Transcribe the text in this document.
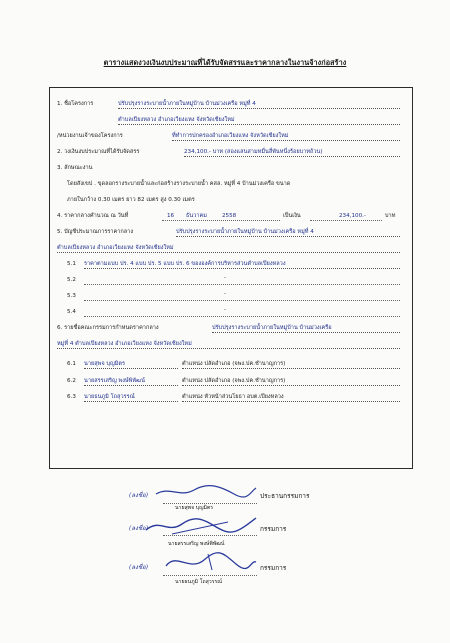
ตารางแสดงวงเงินงบประมาณที่ได้รับจัดสรรและราคากลางในงานจ้างก่อสร้าง
1. ชื่อโครงการ	ปรับปรุงรางระบายน้ำภายในหมู่บ้าน บ้านม่วงเครือ หมู่ที่ 4
ตำบลเปียงหลวง อำเภอเวียงแหง จังหวัดเชียงใหม่
/หน่วยงานเจ้าของโครงการ	ที่ทำการปกครองอำเภอเวียงแหง จังหวัดเชียงใหม่
2. วงเงินงบประมาณที่ได้รับจัดสรร	234,100.- บาท (สองแสนสามหมื่นสี่พันหนึ่งร้อยบาทถ้วน)
3. ลักษณะงาน
โดยสังเขป . ขุดลอกรางระบายน้ำและก่อสร้างรางระบายน้ำ คสล. หมู่ที่ 4 บ้านม่วงเครือ ขนาด
ภายในกว้าง 0.30 เมตร ยาว 82 เมตร สูง 0.30 เมตร
4. ราคากลางคำนวณ ณ วันที่	16 ธันวาคม	2558	เป็นเงิน	234,100.-	บาท
5. บัญชีประมาณการราคากลาง	ปรับปรุงรางระบายน้ำภายในหมู่บ้าน บ้านม่วงเครือ หมู่ที่ 4
ตำบลเปียงหลวง อำเภอเวียงแหง จังหวัดเชียงใหม่
5.1 ราคาตามแบบ ปร. 4 แบบ ปร. 5 แบบ ปร. 6 ขององค์การบริหารส่วนตำบลเปียงหลวง
5.2	-
5.3	-
5.4	-
6. รายชื่อคณะกรรมการกำหนดราคากลาง	ปรับปรุงรางระบายน้ำภายในหมู่บ้าน บ้านม่วงเครือ
หมู่ที่ 4 ตำบลเปียงหลวง อำเภอเวียงแหง จังหวัดเชียงใหม่
6.1 นายสุพจ บุญมิตร	ตำแหน่ง ปลัดอำเภอ (จพง.ปค.ชำนาญการ)
6.2 นายสรรเสริญ พงษ์พิพัฒน์	ตำแหน่ง ปลัดอำเภอ (จพง.ปค.ชำนาญการ)
6.3 นายธนภูมิ โถสุวรรณ์	ตำแหน่ง หัวหน้าส่วนโยธา อบต.เปียงหลวง
(ลงชื่อ)	ประธานกรรมการ
นายสุพจ บุญมิตร
(ลงชื่อ)	กรรมการ
นายสรรเสริญ พงษ์พิพัฒน์
(ลงชื่อ)	กรรมการ
นายธนภูมิ โถสุวรรณ์
